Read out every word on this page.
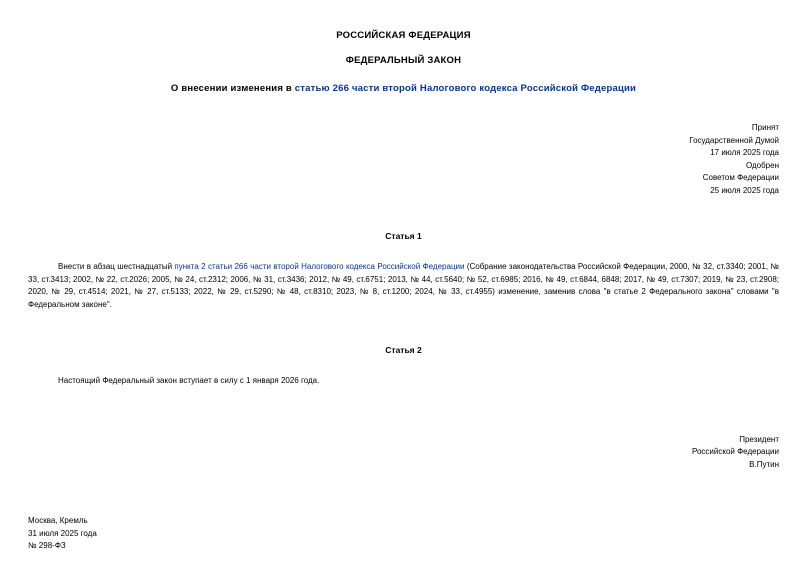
РОССИЙСКАЯ ФЕДЕРАЦИЯ
ФЕДЕРАЛЬНЫЙ ЗАКОН
О внесении изменения в статью 266 части второй Налогового кодекса Российской Федерации
Принят
Государственной Думой
17 июля 2025 года
Одобрен
Советом Федерации
25 июля 2025 года
Статья 1
Внести в абзац шестнадцатый пункта 2 статьи 266 части второй Налогового кодекса Российской Федерации (Собрание законодательства Российской Федерации, 2000, № 32, ст.3340; 2001, № 33, ст.3413; 2002, № 22, ст.2026; 2005, № 24, ст.2312; 2006, № 31, ст.3436; 2012, № 49, ст.6751; 2013, № 44, ст.5640; № 52, ст.6985; 2016, № 49, ст.6844, 6848; 2017, № 49, ст.7307; 2019, № 23, ст.2908; 2020, № 29, ст.4514; 2021, № 27, ст.5133; 2022, № 29, ст.5290; № 48, ст.8310; 2023, № 8, ст.1200; 2024, № 33, ст.4955) изменение, заменив слова "в статье 2 Федерального закона" словами "в Федеральном законе".
Статья 2
Настоящий Федеральный закон вступает в силу с 1 января 2026 года.
Президент
Российской Федерации
В.Путин
Москва, Кремль
31 июля 2025 года
№ 298-ФЗ
